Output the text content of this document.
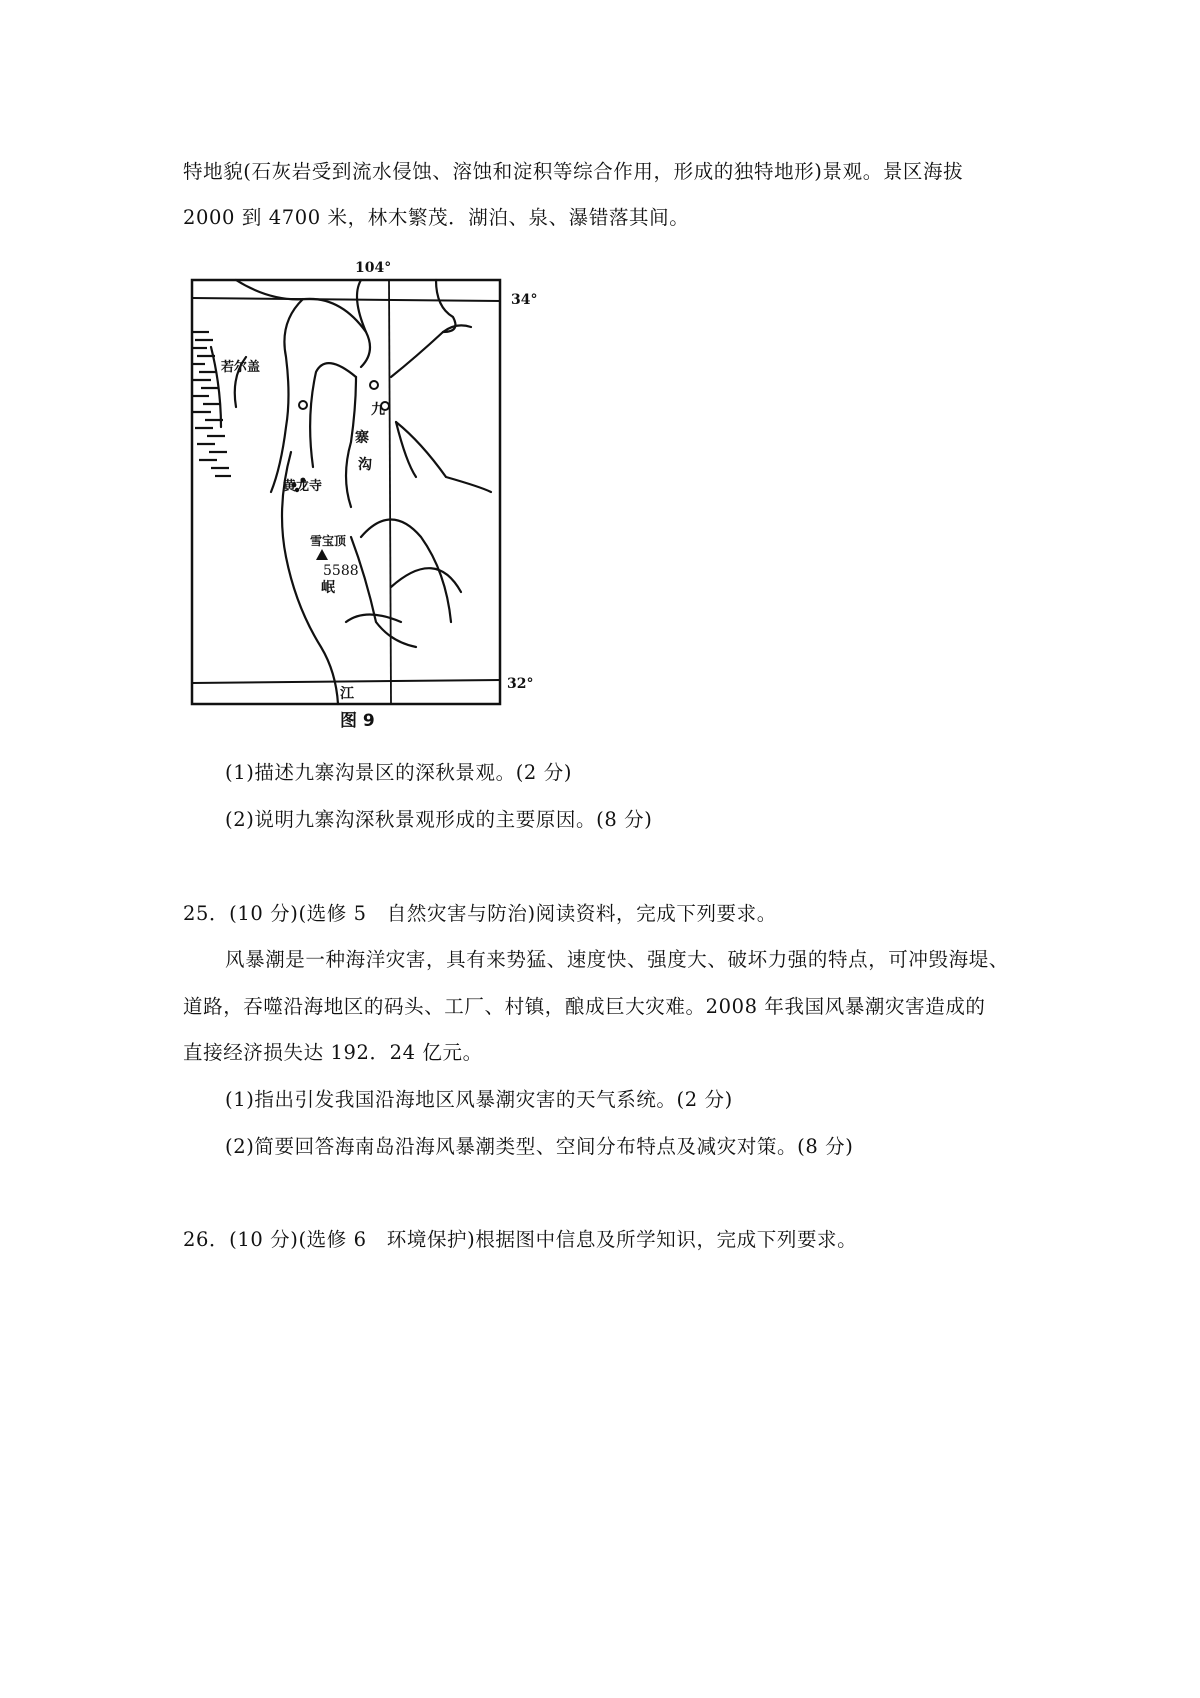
特地貌(石灰岩受到流水侵蚀、溶蚀和淀积等综合作用，形成的独特地形)景观。景区海拔
2000 到 4700 米，林木繁茂．湖泊、泉、瀑错落其间。
104°
34°
32°
若尔盖
九
寨
沟
黄龙寺
雪宝顶
5588
岷
江
图 9
(1)描述九寨沟景区的深秋景观。(2 分)
(2)说明九寨沟深秋景观形成的主要原因。(8 分)
25．(10 分)(选修 5　自然灾害与防治)阅读资料，完成下列要求。
风暴潮是一种海洋灾害，具有来势猛、速度快、强度大、破坏力强的特点，可冲毁海堤、
道路，吞噬沿海地区的码头、工厂、村镇，酿成巨大灾难。2008 年我国风暴潮灾害造成的
直接经济损失达 192．24 亿元。
(1)指出引发我国沿海地区风暴潮灾害的天气系统。(2 分)
(2)简要回答海南岛沿海风暴潮类型、空间分布特点及减灾对策。(8 分)
26．(10 分)(选修 6　环境保护)根据图中信息及所学知识，完成下列要求。
